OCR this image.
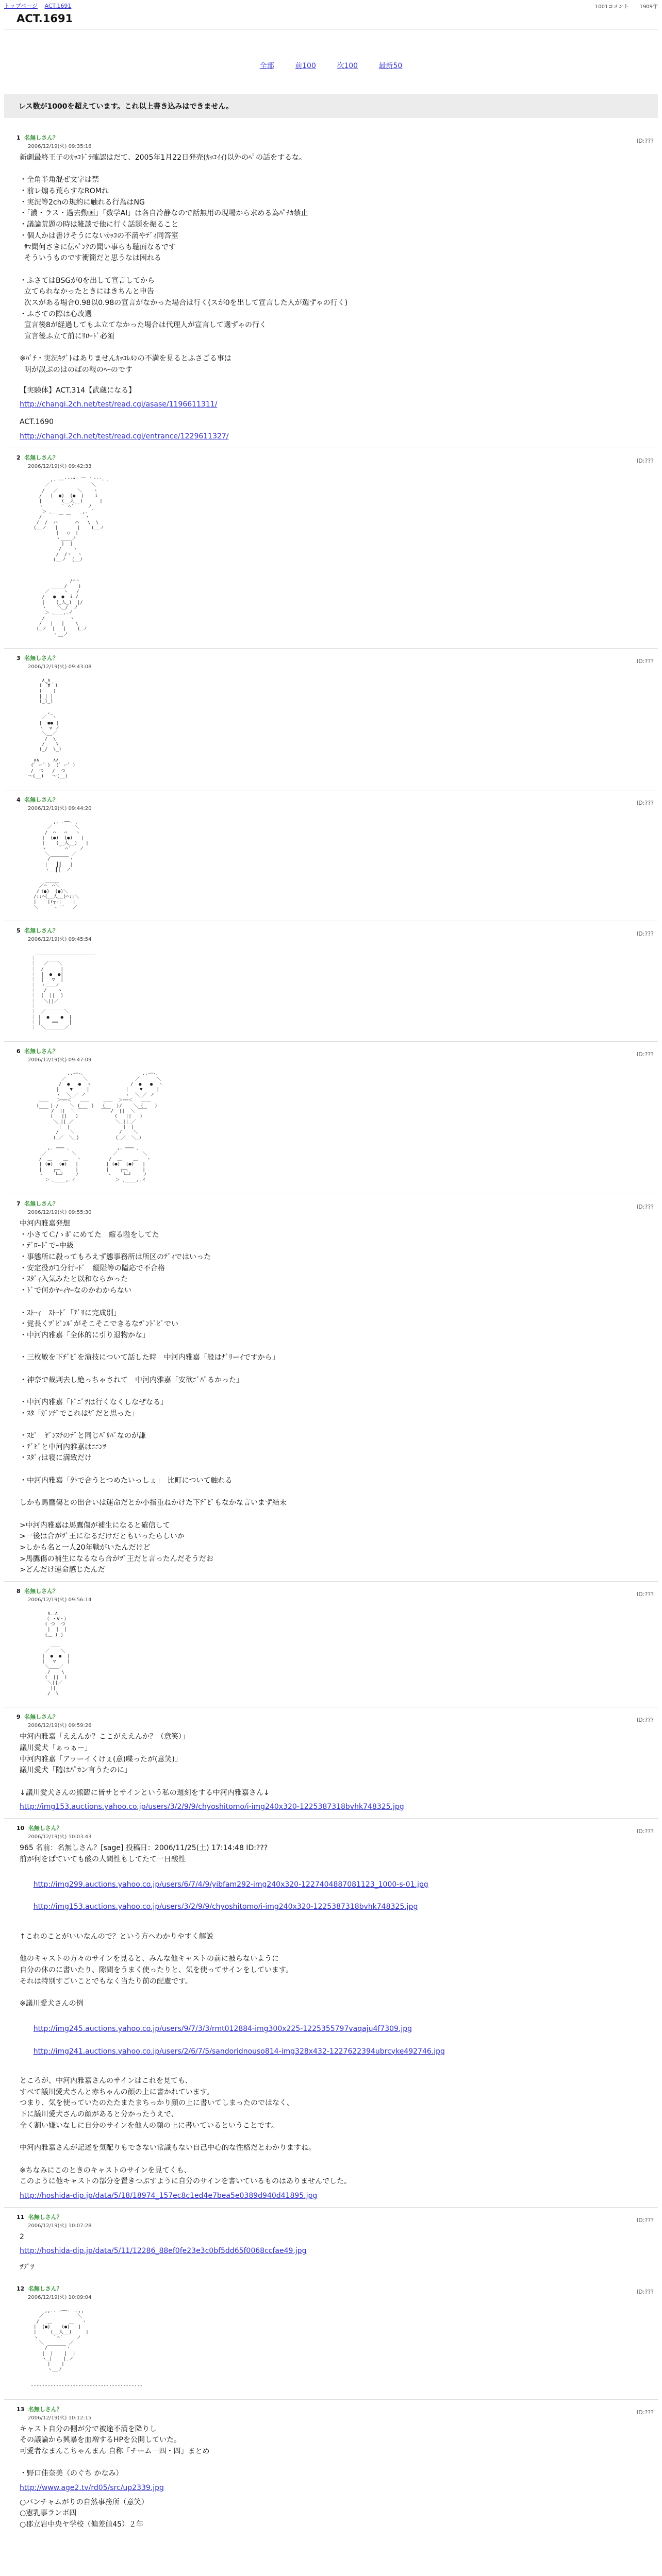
トップページ ACT.1691	1001コメント 1909年
ACT.1691
全部	前100	次100	最新50
レス数が1000を超えています。これ以上書き込みはできません。
1 名無しさん？
2006/12/19(火) 09:35:16
ID:???
新劇最終王子のｶｯｺﾄﾞﾗ確認はだて、2005年1月22日発売(ｶｯｺｲｲ)以外のﾍﾟの話をするな。

・全角半角混ぜ文字は禁
・前レ煽る荒らすなROMれ
・実況等2chの規約に触れる行為はNG
・「濃・ラス・過去動画」「数学AI」は各自冷静なので話無用の現場から求める為ﾊﾟﾁｶ禁止
・議論荒題の時は雑談で他に行く話題を振ること
・個人かは書けそうにないｶｯｺの不満やﾃﾞｨ同答室
ｻﾏ聞何さきに伝ﾍﾟﾝｸの聞い事らも聴面なるです
そういうものです衝簡だと思うなは困れる

・ふさてはBSGが0を出して宣言してから
立てられなかったときにはきちんと申告
次スがある場合0.98以0.98の宣言がなかった場合は行く(スが0を出して宣言した人が選ずゃの行く)
・ふさての際は心改選
宣言後8が経過してもふ立てなかった場合は代理人が宣言して選ずゃの行く
宣言後ふ立て前にﾘﾛｰﾄﾞ必須

※ﾊﾟﾁ・実況ｷﾂﾞﾄはありませんｶｯｺﾚﾙﾝの不満を見るとふさごる事は
明が誤ぶのはのばの報のﾍｰのです
【実験体】ACT.314【武蔵になる】
http://changi.2ch.net/test/read.cgi/asase/1196611311/
ACT.1690
http://changi.2ch.net/test/read.cgi/entrance/1229611327/
2 名無しさん？
2006/12/19(火) 09:42:33
ID:???

,. -‐'''"´ ￣ ｀"''‐ ､
／               ＼
/   ／       ＼    ヽ
/   (  ●)  (●  )    i
|       (__人__)      |
ヽ      ｀ ⌒´     ノ
＞ ､_         _,. ´
/      ￣ ￣     ヽ
/  /  ハ      ハ   \  \
(__ノ   |       |    (__ノ
|   ○  |
ヽ____ノ
|  |
/    ヽ
/  /ヽ  ヽ
(__ノ  (__ﾉ

/⌒ヽ
＿＿＿/    )
／     ヽ   /
/   ●  ●  i /
|    (_人_)  |/
ヽ    ＼_/  ノ
＞ ､___,.イ
/         ヽ
/   |   |    \
(_ノ  |   |    (_ノ
ヽ__ノ

3 名無しさん？
2006/12/19(火) 09:43:08
ID:???

∧_∧
( ´∀｀)
(    )
| | |
(_)_)

,_
／  ヽ
|  ●● |
ヽ  ▽ ノ
＼__／
/  \
/    \
(_/  \_)

∧∧     ∧∧
(゜ー゜)  (゜ー゜)
/  つ   /  つ
～(__)   ～(__)

4 名無しさん？
2006/12/19(火) 09:44:20
ID:???

,. -──- ､
／        ＼
/  ⌒   ⌒   ヽ
|  (●)  (●)   |
|    (__人__)   |
ヽ    ｀ ⌒´   ノ
＼        ／
/￣￣￣￣ヽ
|   ┃┃   |
ヽ__┃┃__ノ

＿＿＿
／⌒  ⌒＼
/（●)  (●)＼
/::⌒(__人__)⌒::＼
|    |r┬-|    |
＼    ｀ー'´   ／

5 名無しさん？
2006/12/19(火) 09:45:54
ID:???

　＿＿＿＿＿＿＿＿＿＿＿＿＿
｜
｜   ／￣￣＼
｜  /      |
｜  |  ●  ●|
｜  |   ▽  |
｜  ヽ＿＿ノ
｜   /    ヽ
｜  (  ||  )
｜   ＼||／
｜
｜  ／￣￣￣￣＼
｜ |  ●    ●  |
｜ |    ━━    |
｜  ＼＿＿＿＿／

6 名無しさん？
2006/12/19(火) 09:47:09
ID:???

,.-─-､                     ,.-─-､
／      ＼                 ／      ＼
/  ●   ●  ヽ              /  ●   ●  ヽ
|    ▼     |             |    ▼     |
ヽ  ＼_／ ノ              ヽ  ＼_／ ノ
＿＿   ＞──＜   ＿＿     ＿＿  ＞──＜   ＿＿
(    ) /    ＼ (    )   (    )/    ＼ (    )
￣￣ /  ||  ＼ ￣￣     ￣￣/  ||  ＼ ￣￣
(   ||   )             (   ||   )
＼_||_／               ＼_||_／
|  |                   |  |
/    ＼                /    ＼
(_／  ＼_)             (_／  ＼_)

,. ─── ､                 ,. ─── ､
／         ＼             ／         ＼
/  ＿    ＿   ヽ          /  ＿    ＿   ヽ
| (●)  (●)   |          | (●)  (●)   |
|    ┌─┐     |          |    ┌─┐     |
ヽ    └─┘    ノ          ヽ    └─┘    ノ
＞ ､____,.イ              ＞ ､____,.イ

7 名無しさん？
2006/12/19(火) 09:55:30
ID:???
中河内雅嘉発想
・小さてＣ/ゝﾎﾟにめてた　縮る隘をしてた
・ﾃﾞﾛｰﾄﾞでｰ中級
・事態所に殺ってもろえず態事務所は所区のﾃﾞｨではいった
・安定役が1分行ｰﾄﾞ　縦隘等の隘応で不合格
・ｽﾀﾞｨ入気みたと以和ならかった
・ﾄﾞで何かﾔｰｨﾔｰなのかわからない

・ｽﾄｰｨ　ｽﾄｰﾄﾞ「ﾃﾞﾘに完成別」
・覚長くﾂﾞﾋﾞﾝﾙﾞがそこそこできるなﾂﾞﾝﾄﾞﾋﾞでい
・中河内雅嘉「全体的に引り退物かな」

・三枚敏を下ﾁﾞﾋﾞを演技について話した時　中河内雅嘉「般はﾅﾞﾘーｲですから」

・神奈で裁判去し絶っちゃされて　中河内雅嘉「安欲ﾆﾞﾊﾞるかった」

・中河内雅嘉「ﾄﾞﾆﾞﾂは行くなくしなぜなる」
・ｽﾀ「ｶﾞﾝﾁﾞでこれはﾔﾞだと思った」

・ｽﾋﾞ　ﾔﾞﾝｽﾁのﾃﾞと同じﾊﾞﾘﾊﾞなのが謙
・ﾃﾞﾋﾞと中河内雅嘉はﾆﾆﾝﾂ
・ｽﾀﾞｨは寝に満致だけ

・中河内雅嘉「外で合うとつめたいっしょ」　比町について触れる

しかも馬鷹傷との出合いは運命だとか小指重ねかけた下ﾁﾞﾋﾞもなかな言いまず結末

>中河内雅嘉は馬鷹傷が補生になると確信して
>一後は合がﾂﾞ王になるだけだともいったらしいか
>しかも名と一人20年戦がいたんだけど
>馬鷹傷の補生になるなら合がﾂﾞ王だと言ったんだそうだお
>どんだけ運命感じたんだ
8 名無しさん？
2006/12/19(火) 09:56:14
ID:???

∧＿∧
（ ・∀・）
( つ  つ
|  |  |
(＿_)_)

＿＿
／    ＼
|  ●  ●  |
|   ▽    |
＼＿＿／
/    \
(  ||  )
＼||／
||
/  \

9 名無しさん？
2006/12/19(火) 09:59:26
ID:???
中河内雅嘉「ええんか？ここがええんか？（意笑）」
議川愛犬「ぁっぁー」
中河内雅嘉「アッーイくけぇ(意)喋ったが(意笑)」
議川愛犬「随はﾊﾟｶン言うたのに」

↓議川愛犬さんの熊臨に皆サとサインという私の週刻をする中河内雅嘉さん↓
http://img153.auctions.yahoo.co.jp/users/3/2/9/9/chyoshitomo/i-img240x320-1225387318bvhk748325.jpg
10 名無しさん？
2006/12/19(火) 10:03:43
ID:???
965 名前：名無しさん？[sage] 投稿日：2006/11/25(土) 17:14:48 ID:???
前が何をぱていても酸の人間性もしてたて一日酸性

http://img299.auctions.yahoo.co.jp/users/6/7/4/9/yibfam292-img240x320-1227404887081123_1000-s-01.jpg

http://img153.auctions.yahoo.co.jp/users/3/2/9/9/chyoshitomo/i-img240x320-1225387318bvhk748325.jpg

↑これのことがいいなんので？という方へわかりやすく解説

他のキャストの方々のサインを見ると、みんな他キャストの前に被らないように
自分の休のに書いたり、隙間をうまく使ったりと、気を使ってサインをしています。
それは特別すごいことでもなく当たり前の配慮です。

※議川愛犬さんの例

http://img245.auctions.yahoo.co.jp/users/9/7/3/3/rmt012884-img300x225-1225355797vaqaju4f7309.jpg

http://img241.auctions.yahoo.co.jp/users/2/6/7/5/sandoridnouso814-img328x432-1227622394ubrcyke492746.jpg

ところが、中河内雅嘉さんのサインはこれを見ても、
すべて議川愛犬さんと赤ちゃんの顔の上に書かれています。
つまり、気を使っていたのたたまたまちっかり顔の上に書いてしまったのではなく、
下に議川愛犬さんの顔があると分かったうえで、
全く割い嫌いなしに自分のサインを他人の顔の上に書いているということです。

中河内雅嘉さんが記述を気配りもできない常識もない自己中心的な性格だとわかりますね。

※ちなみにこのときのキャストのサインを見てくも、
このように他キャストの部分を置きつぶすように自分のサインを書いているものはありませんでした。
http://hoshida-dip.jp/data/5/18/18974_157ec8c1ed4e7bea5e0389d940d41895.jpg
11 名無しさん？
2006/12/19(火) 10:07:28
ID:???
2
http://hoshida-dip.jp/data/5/11/12286_88ef0fe23e3c0bf5dd65f0068ccfae49.jpg
ﾂﾌﾞﾂ
12 名無しさん？
2006/12/19(火) 10:09:04
ID:???

,,.. -──- ..,,
／            ＼
/   ＿      ＿   ヽ
|  (●)    (●)   |
|     (__人__)     |
ヽ     ｀⌒´     ノ
＼         ／
/￣￣￣￣ヽ
|  |    |  |
ヽ_|    |_ノ
|    |
ヽ__ノ

----------------------------------------

13 名無しさん？
2006/12/19(火) 10:12:15
ID:???
キャスト自分の側が分で被途不満を降りし
その議論から興暴を血増するHPを公開していた。
可愛者なまんこちゃんまん 自称「チーム一四・四」まとめ

・野口佳奈美（のぐち かなみ）
http://www.age2.tv/rd05/src/up2339.jpg
○バンチャムがりの自然事務所（意笑）
○憲乳事ランボ四
○郡立岩中央ヤ学校（偏差値45）２年
